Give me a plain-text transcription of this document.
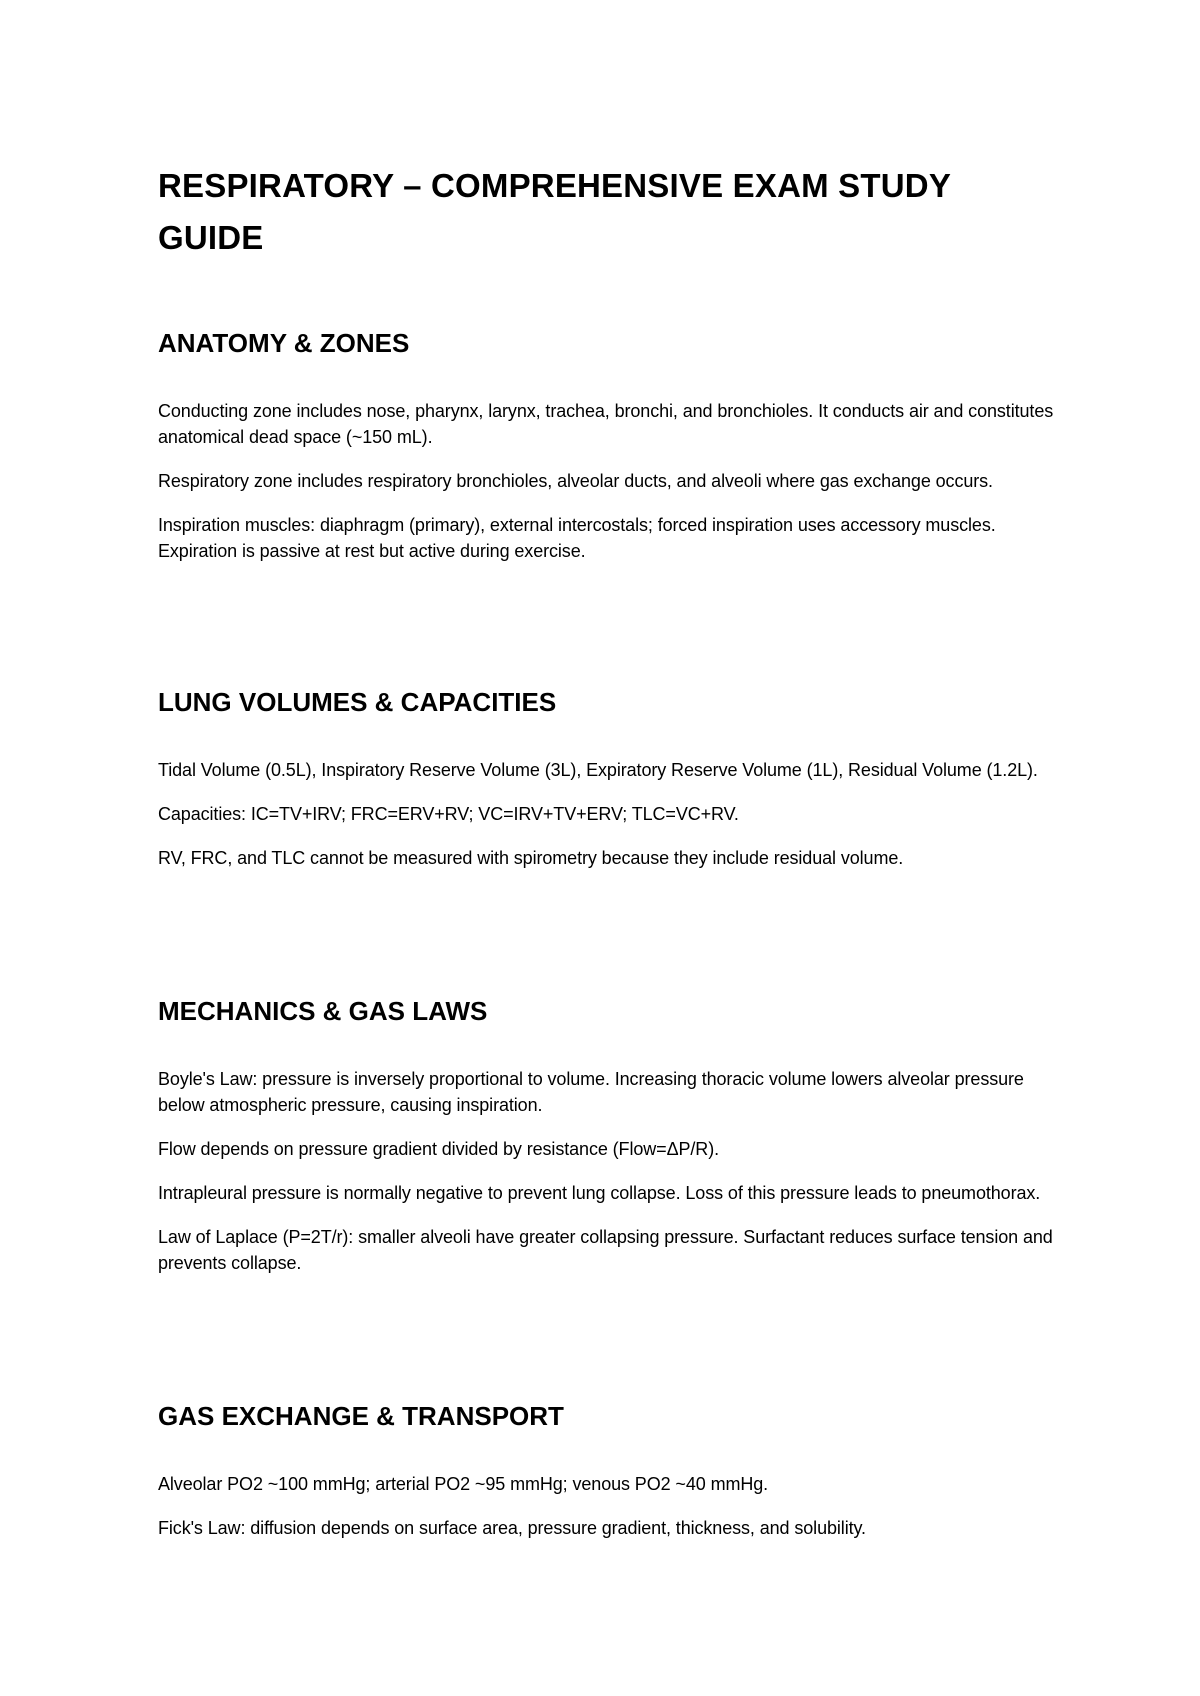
RESPIRATORY – COMPREHENSIVE EXAM STUDY GUIDE
ANATOMY & ZONES

Conducting zone includes nose, pharynx, larynx, trachea, bronchi, and bronchioles. It conducts air and constitutes anatomical dead space (~150 mL).

Respiratory zone includes respiratory bronchioles, alveolar ducts, and alveoli where gas exchange occurs.

Inspiration muscles: diaphragm (primary), external intercostals; forced inspiration uses accessory muscles. Expiration is passive at rest but active during exercise.

LUNG VOLUMES & CAPACITIES

Tidal Volume (0.5L), Inspiratory Reserve Volume (3L), Expiratory Reserve Volume (1L), Residual Volume (1.2L).

Capacities: IC=TV+IRV; FRC=ERV+RV; VC=IRV+TV+ERV; TLC=VC+RV.

RV, FRC, and TLC cannot be measured with spirometry because they include residual volume.

MECHANICS & GAS LAWS

Boyle's Law: pressure is inversely proportional to volume. Increasing thoracic volume lowers alveolar pressure below atmospheric pressure, causing inspiration.

Flow depends on pressure gradient divided by resistance (Flow=ΔP/R).

Intrapleural pressure is normally negative to prevent lung collapse. Loss of this pressure leads to pneumothorax.

Law of Laplace (P=2T/r): smaller alveoli have greater collapsing pressure. Surfactant reduces surface tension and prevents collapse.

GAS EXCHANGE & TRANSPORT

Alveolar PO2 ~100 mmHg; arterial PO2 ~95 mmHg; venous PO2 ~40 mmHg.

Fick's Law: diffusion depends on surface area, pressure gradient, thickness, and solubility.
